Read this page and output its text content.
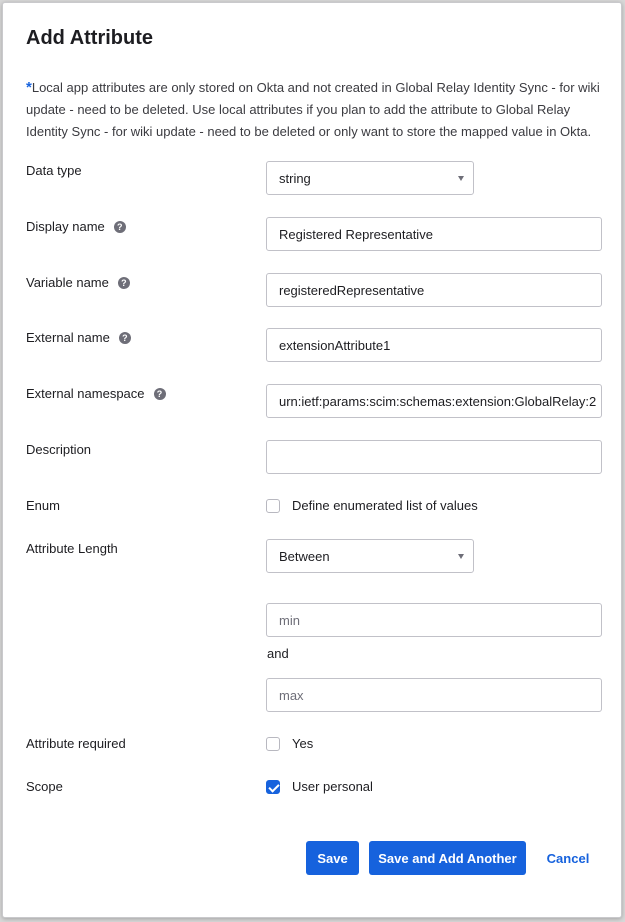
Add Attribute
*Local app attributes are only stored on Okta and not created in Global Relay Identity Sync - for wiki update - need to be deleted. Use local attributes if you plan to add the attribute to Global Relay Identity Sync - for wiki update - need to be deleted or only want to store the mapped value in Okta.
Data type	string
Display name	?	Registered Representative
Variable name	?	registeredRepresentative
External name	?	extensionAttribute1
External namespace	?	urn:ietf:params:scim:schemas:extension:GlobalRelay:2
Description
Enum	Define enumerated list of values
Attribute Length	Between
min
and
max
Attribute required	Yes
Scope	User personal
Save	Save and Add Another	Cancel
